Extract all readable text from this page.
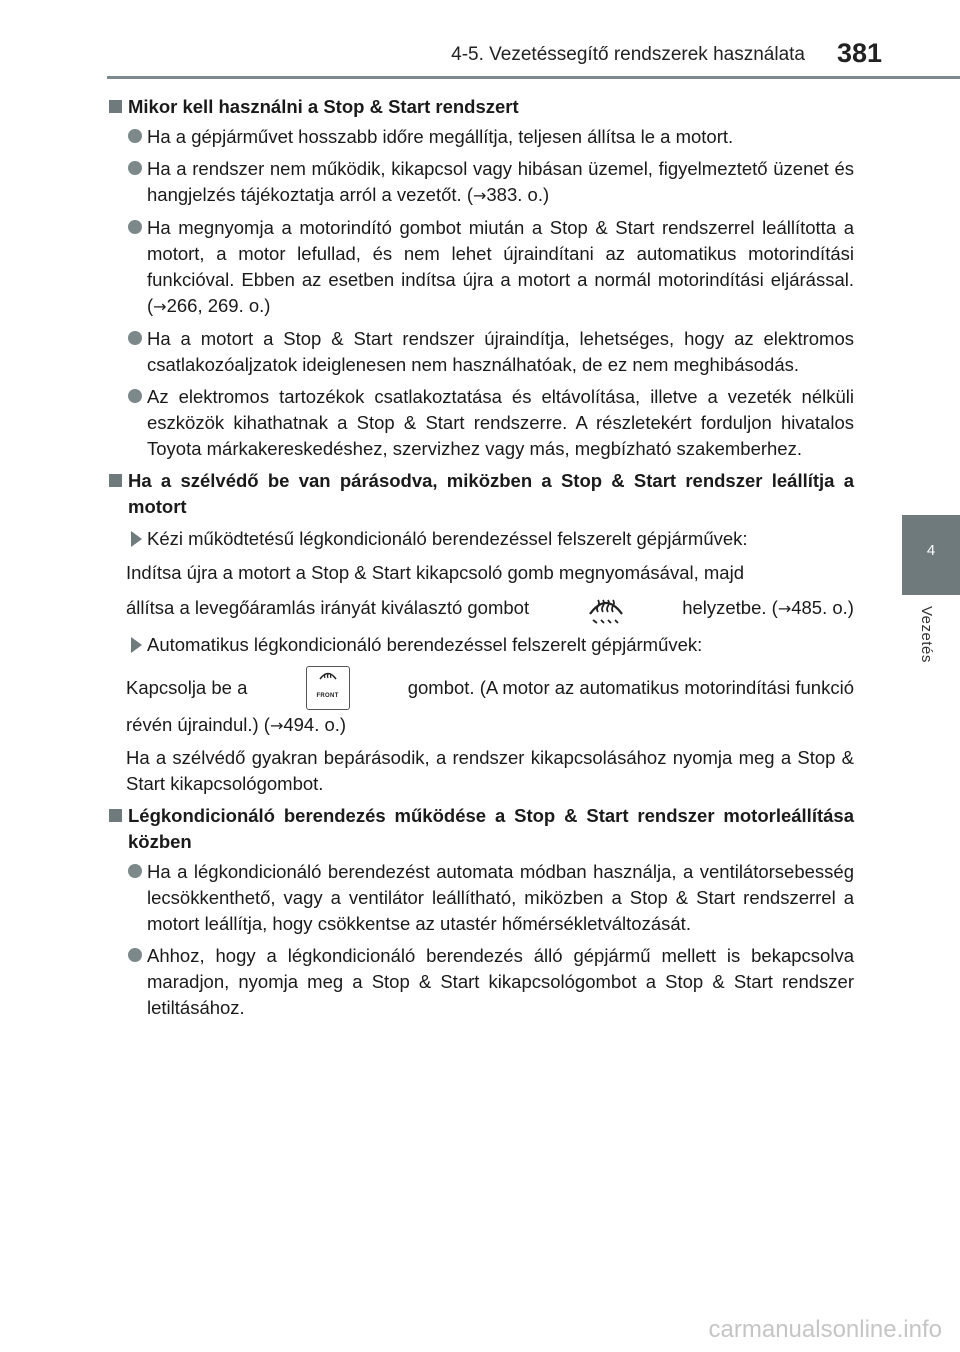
4-5. Vezetéssegítő rendszerek használata 381
4
Vezetés
Mikor kell használni a Stop & Start rendszert
Ha a gépjárművet hosszabb időre megállítja, teljesen állítsa le a motort.
Ha a rendszer nem működik, kikapcsol vagy hibásan üzemel, figyelmeztető üzenet és hangjelzés tájékoztatja arról a vezetőt. (→383. o.)
Ha megnyomja a motorindító gombot miután a Stop & Start rendszerrel leállította a motort, a motor lefullad, és nem lehet újraindítani az automatikus motorindítási funkcióval. Ebben az esetben indítsa újra a motort a normál motorindítási eljárással. (→266, 269. o.)
Ha a motort a Stop & Start rendszer újraindítja, lehetséges, hogy az elektromos csatlakozóaljzatok ideiglenesen nem használhatóak, de ez nem meghibásodás.
Az elektromos tartozékok csatlakoztatása és eltávolítása, illetve a vezeték nélküli eszközök kihathatnak a Stop & Start rendszerre. A részletekért forduljon hivatalos Toyota márkakereskedéshez, szervizhez vagy más, megbízható szakemberhez.
Ha a szélvédő be van párásodva, miközben a Stop & Start rendszer leállítja a motort
Kézi működtetésű légkondicionáló berendezéssel felszerelt gépjárművek:
Indítsa újra a motort a Stop & Start kikapcsoló gomb megnyomásával, majd
állítsa a levegőáramlás irányát kiválasztó gombot	helyzetbe. (→485. o.)
Automatikus légkondicionáló berendezéssel felszerelt gépjárművek:
Kapcsolja be a	FRONT	gombot. (A motor az automatikus motorindítási funkció
révén újraindul.) (→494. o.)
Ha a szélvédő gyakran bepárásodik, a rendszer kikapcsolásához nyomja meg a Stop & Start kikapcsológombot.
Légkondicionáló berendezés működése a Stop & Start rendszer motorleállítása közben
Ha a légkondicionáló berendezést automata módban használja, a ventilátorsebesség lecsökkenthető, vagy a ventilátor leállítható, miközben a Stop & Start rendszerrel a motort leállítja, hogy csökkentse az utastér hőmérsékletváltozását.
Ahhoz, hogy a légkondicionáló berendezés álló gépjármű mellett is bekapcsolva maradjon, nyomja meg a Stop & Start kikapcsológombot a Stop & Start rendszer letiltásához.
carmanualsonline.info
